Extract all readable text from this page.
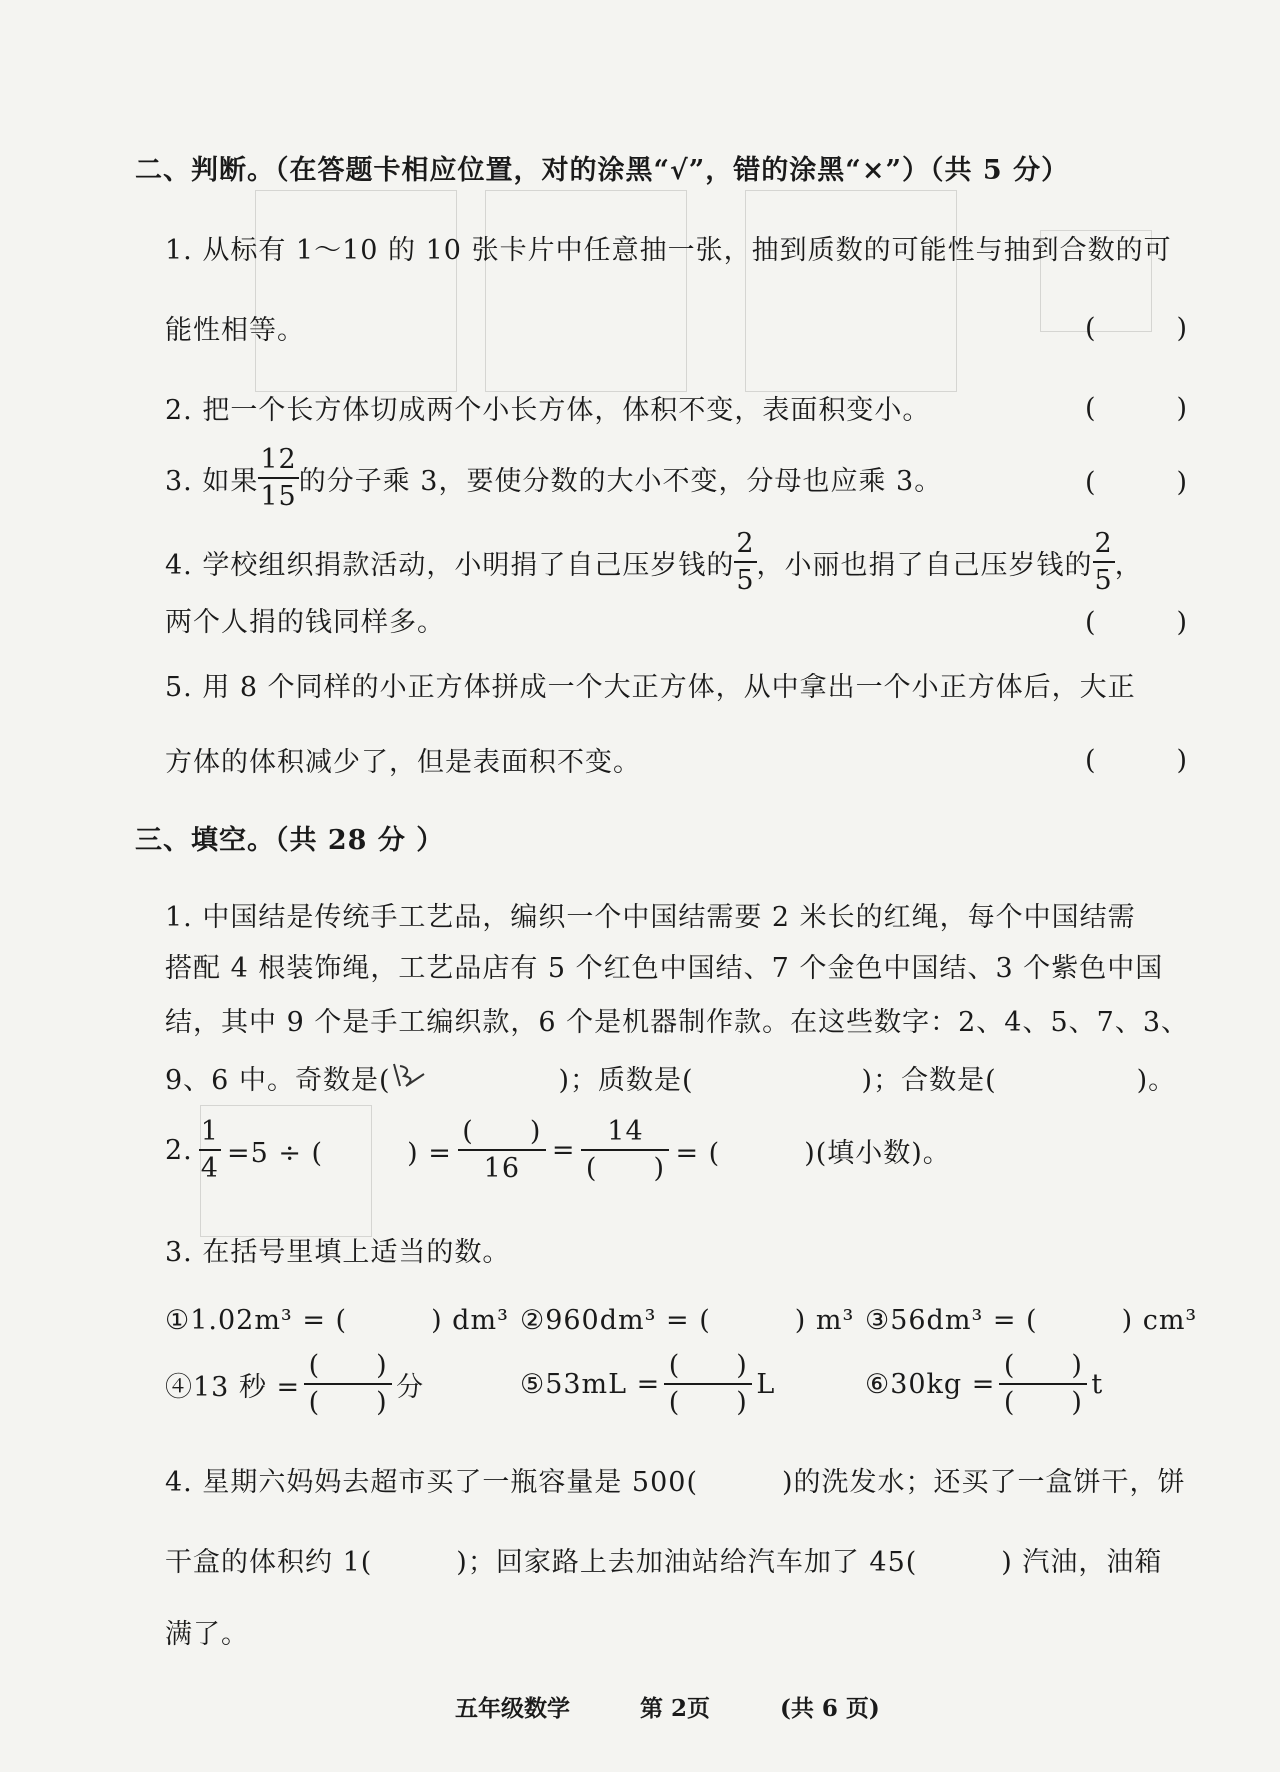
二、判断。（在答题卡相应位置，对的涂黑“√”，错的涂黑“×”）（共 5 分）
1. 从标有 1～10 的 10 张卡片中任意抽一张，抽到质数的可能性与抽到合数的可
能性相等。	(　　　)
2. 把一个长方体切成两个小长方体，体积不变，表面积变小。	(　　　)
3. 如果 $\frac{12}{15}$ 的分子乘 3，要使分数的大小不变，分母也应乘 3。	(　　　)
4. 学校组织捐款活动，小明捐了自己压岁钱的 $\frac{2}{5}$ ，小丽也捐了自己压岁钱的 $\frac{2}{5}$ ，
两个人捐的钱同样多。	(　　　)
5. 用 8 个同样的小正方体拼成一个大正方体，从中拿出一个小正方体后，大正
方体的体积减少了，但是表面积不变。	(　　　)
三、填空。（共 28 分 ）
1. 中国结是传统手工艺品，编织一个中国结需要 2 米长的红绳，每个中国结需
搭配 4 根装饰绳，工艺品店有 5 个红色中国结、7 个金色中国结、3 个紫色中国
结，其中 9 个是手工编织款，6 个是机器制作款。在这些数字：2、4、5、7、3、
9、6 中。奇数是(　　　　　　)；质数是(　　　　　　)；合数是(　　　　　)。
2. $\frac{1}{4} =5$ ÷ (　　　) = $\frac{( )}{16} = \frac{14}{( )}$ = (　　　)(填小数)。
3. 在括号里填上适当的数。
①1.02m³ = (　　　) dm³ ②960dm³ = (　　　) m³ ③56dm³ = (　　　) cm³
④13 秒 = $\frac{( )}{( )}$ 分	⑤53mL = $\frac{( )}{( )}$ L	⑥30kg = $\frac{( )}{( )}$ t
4. 星期六妈妈去超市买了一瓶容量是 500(　　　)的洗发水；还买了一盒饼干，饼
干盒的体积约 1(　　　)；回家路上去加油站给汽车加了 45(　　　) 汽油，油箱
满了。
五年级数学	第 2页	(共 6 页)
